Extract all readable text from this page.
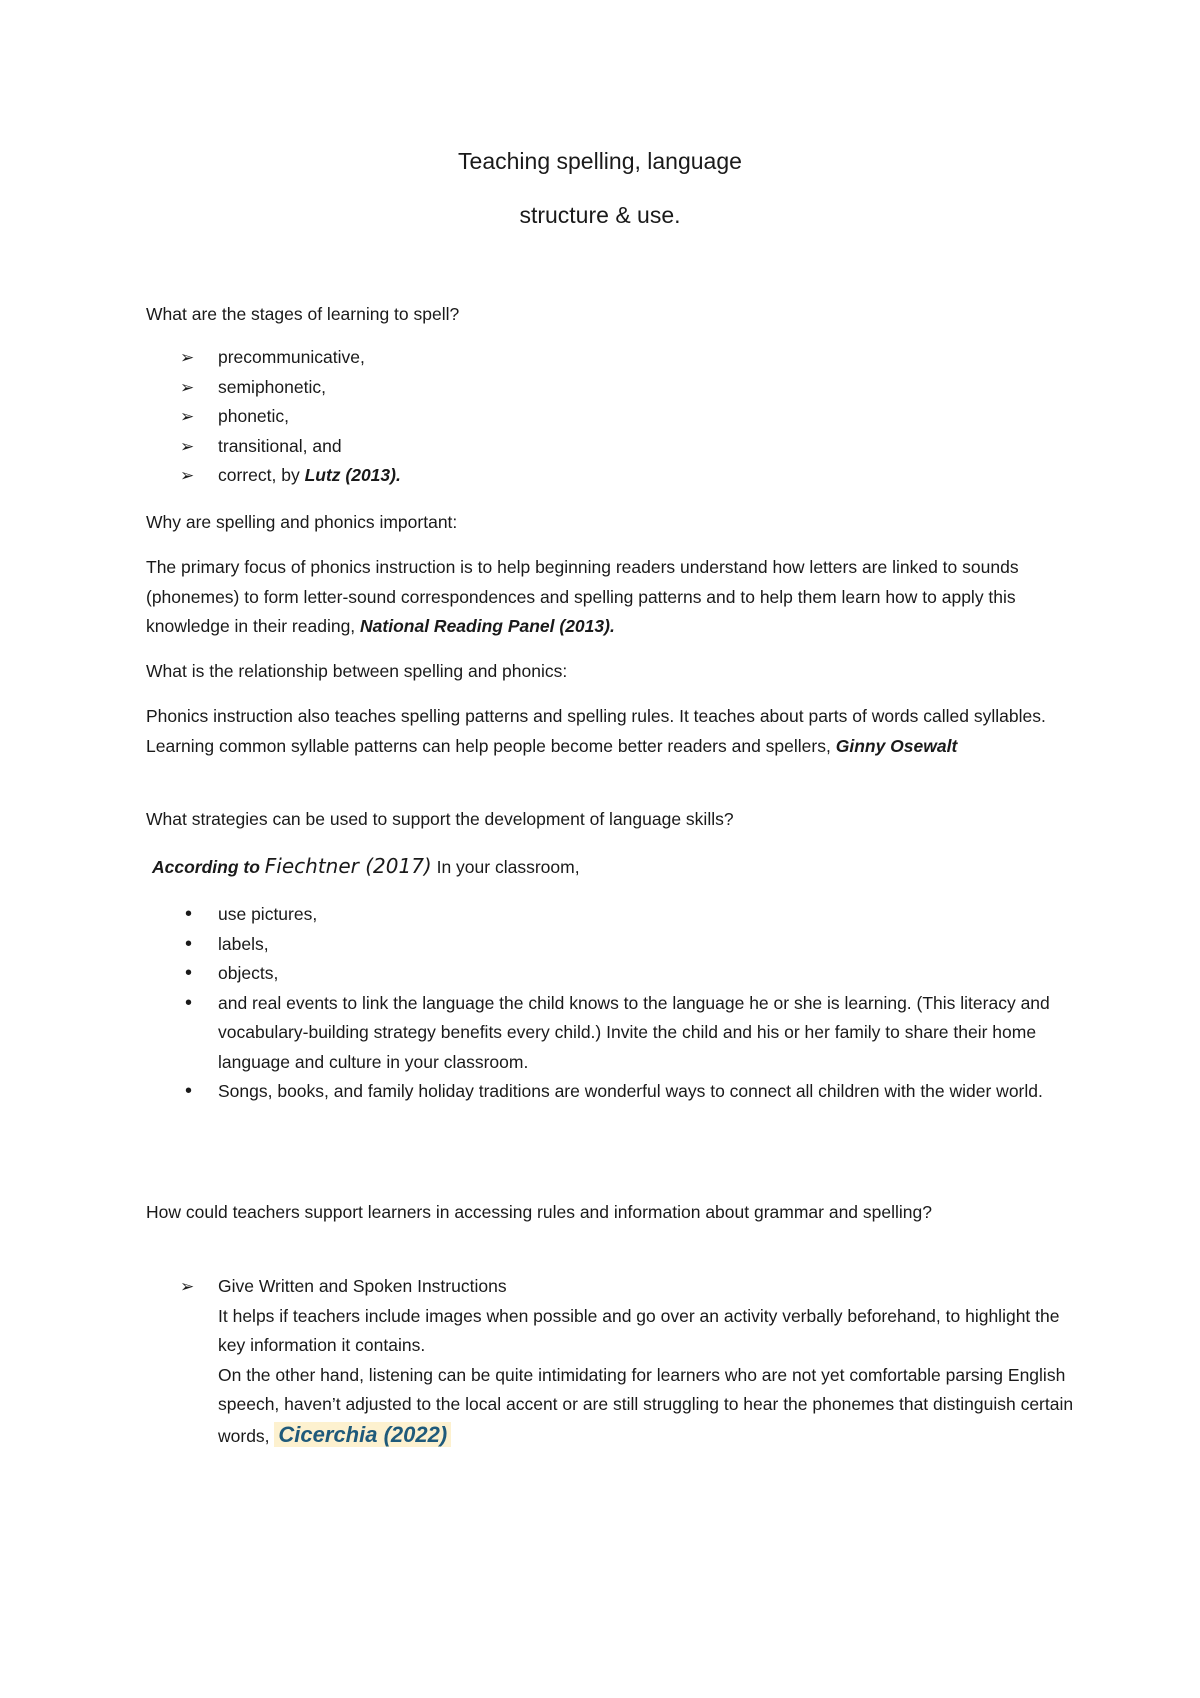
Teaching spelling, language
structure & use.

What are the stages of learning to spell?

➢	precommunicative,
➢	semiphonetic,
➢	phonetic,
➢	transitional, and
➢	correct, by Lutz (2013).

Why are spelling and phonics important:

The primary focus of phonics instruction is to help beginning readers understand how letters are linked to sounds (phonemes) to form letter-sound correspondences and spelling patterns and to help them learn how to apply this knowledge in their reading, National Reading Panel (2013).

What is the relationship between spelling and phonics:

Phonics instruction also teaches spelling patterns and spelling rules. It teaches about parts of words called syllables. Learning common syllable patterns can help people become better readers and spellers, Ginny Osewalt

What strategies can be used to support the development of language skills?

According to Fiechtner (2017) In your classroom,

•	use pictures,
•	labels,
•	objects,
•	and real events to link the language the child knows to the language he or she is learning. (This literacy and vocabulary-building strategy benefits every child.) Invite the child and his or her family to share their home language and culture in your classroom.
•	Songs, books, and family holiday traditions are wonderful ways to connect all children with the wider world.

How could teachers support learners in accessing rules and information about grammar and spelling?

➢	Give Written and Spoken Instructions
It helps if teachers include images when possible and go over an activity verbally beforehand, to highlight the key information it contains.
On the other hand, listening can be quite intimidating for learners who are not yet comfortable parsing English speech, haven’t adjusted to the local accent or are still struggling to hear the phonemes that distinguish certain words, Cicerchia (2022)
